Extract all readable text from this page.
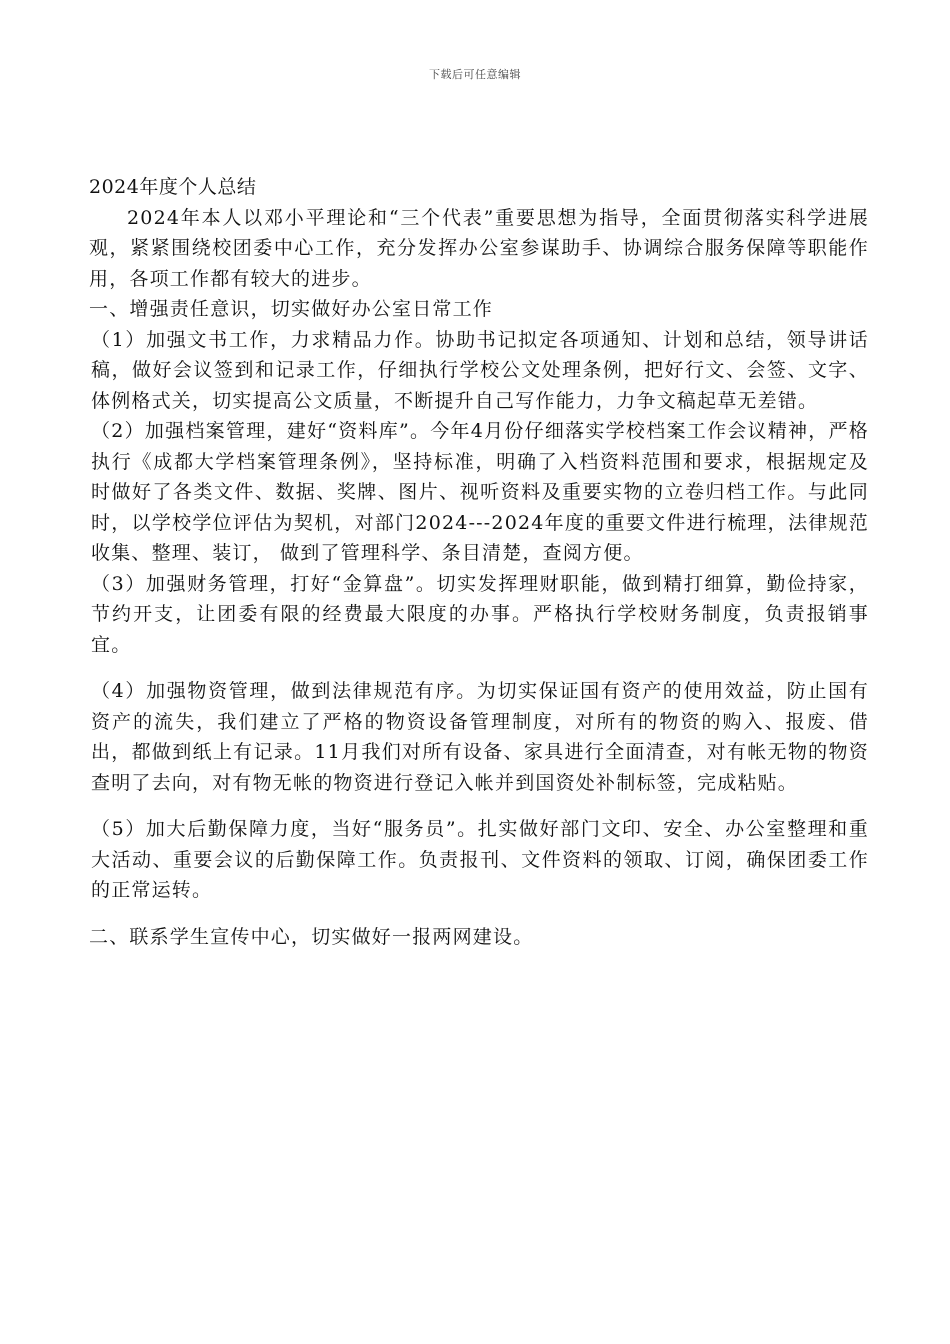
下载后可任意编辑

2024年度个人总结

2024年本人以邓小平理论和“三个代表”重要思想为指导，全面贯彻落实科学进展观，紧紧围绕校团委中心工作，充分发挥办公室参谋助手、协调综合服务保障等职能作用，各项工作都有较大的进步。

一、增强责任意识，切实做好办公室日常工作

（1）加强文书工作，力求精品力作。协助书记拟定各项通知、计划和总结，领导讲话稿，做好会议签到和记录工作，仔细执行学校公文处理条例，把好行文、会签、文字、体例格式关，切实提高公文质量，不断提升自己写作能力，力争文稿起草无差错。

（2）加强档案管理，建好“资料库”。今年4月份仔细落实学校档案工作会议精神，严格执行《成都大学档案管理条例》，坚持标准，明确了入档资料范围和要求，根据规定及时做好了各类文件、数据、奖牌、图片、视听资料及重要实物的立卷归档工作。与此同时，以学校学位评估为契机，对部门2024---2024年度的重要文件进行梳理，法律规范收集、整理、装订， 做到了管理科学、条目清楚，查阅方便。

（3）加强财务管理，打好“金算盘”。切实发挥理财职能，做到精打细算，勤俭持家，节约开支，让团委有限的经费最大限度的办事。严格执行学校财务制度，负责报销事宜。

（4）加强物资管理，做到法律规范有序。为切实保证国有资产的使用效益，防止国有资产的流失，我们建立了严格的物资设备管理制度，对所有的物资的购入、报废、借出，都做到纸上有记录。11月我们对所有设备、家具进行全面清查，对有帐无物的物资查明了去向，对有物无帐的物资进行登记入帐并到国资处补制标签，完成粘贴。

（5）加大后勤保障力度，当好“服务员”。扎实做好部门文印、安全、办公室整理和重大活动、重要会议的后勤保障工作。负责报刊、文件资料的领取、订阅，确保团委工作的正常运转。

二、联系学生宣传中心，切实做好一报两网建设。
